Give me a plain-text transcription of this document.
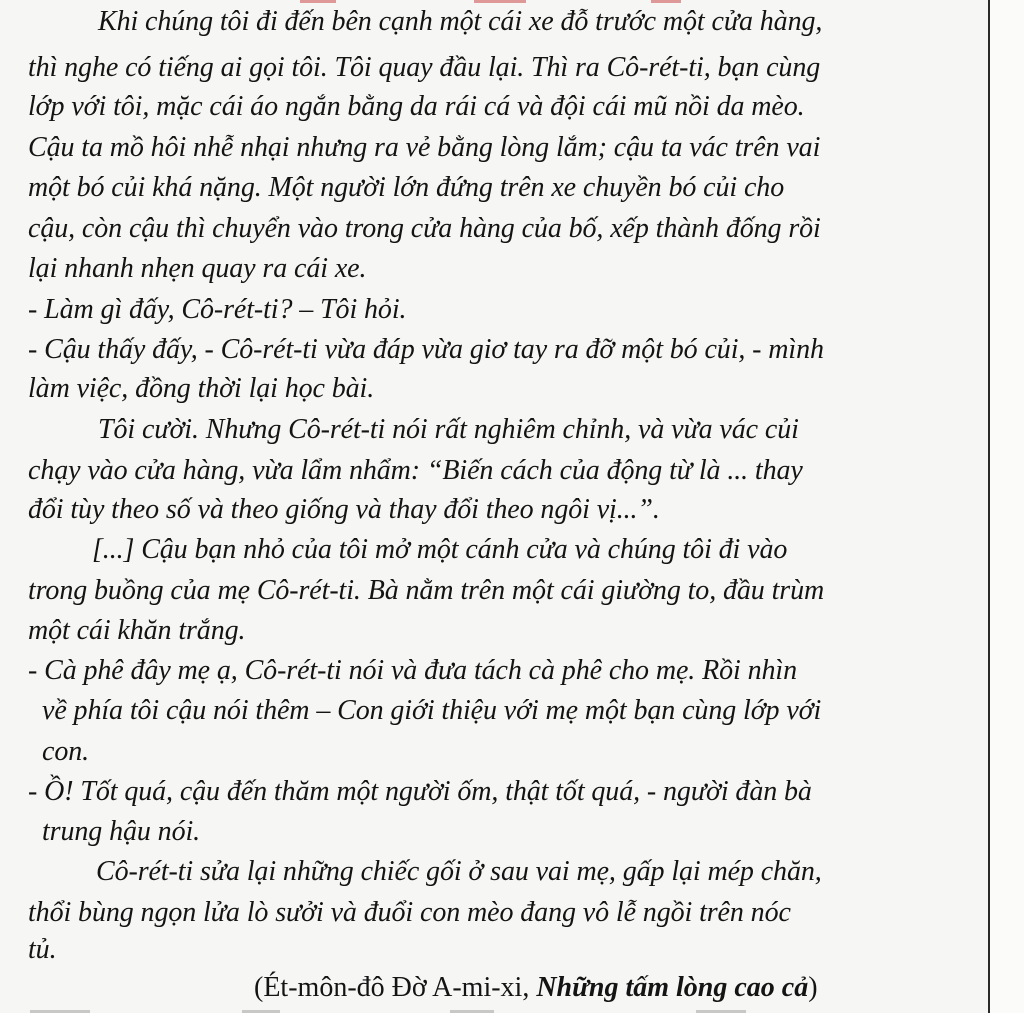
Khi chúng tôi đi đến bên cạnh một cái xe đỗ trước một cửa hàng,
thì nghe có tiếng ai gọi tôi. Tôi quay đầu lại. Thì ra Cô-rét-ti, bạn cùng
lớp với tôi, mặc cái áo ngắn bằng da rái cá và đội cái mũ nồi da mèo.
Cậu ta mồ hôi nhễ nhại nhưng ra vẻ bằng lòng lắm; cậu ta vác trên vai
một bó củi khá nặng. Một người lớn đứng trên xe chuyền bó củi cho
cậu, còn cậu thì chuyển vào trong cửa hàng của bố, xếp thành đống rồi
lại nhanh nhẹn quay ra cái xe.
- Làm gì đấy, Cô-rét-ti? – Tôi hỏi.
- Cậu thấy đấy, - Cô-rét-ti vừa đáp vừa giơ tay ra đỡ một bó củi, - mình
làm việc, đồng thời lại học bài.
Tôi cười. Nhưng Cô-rét-ti nói rất nghiêm chỉnh, và vừa vác củi
chạy vào cửa hàng, vừa lẩm nhẩm: “Biến cách của động từ là ... thay
đổi tùy theo số và theo giống và thay đổi theo ngôi vị...”.
[...] Cậu bạn nhỏ của tôi mở một cánh cửa và chúng tôi đi vào
trong buồng của mẹ Cô-rét-ti. Bà nằm trên một cái giường to, đầu trùm
một cái khăn trắng.
- Cà phê đây mẹ ạ, Cô-rét-ti nói và đưa tách cà phê cho mẹ. Rồi nhìn
về phía tôi cậu nói thêm – Con giới thiệu với mẹ một bạn cùng lớp với
con.
- Ồ! Tốt quá, cậu đến thăm một người ốm, thật tốt quá, - người đàn bà
trung hậu nói.
Cô-rét-ti sửa lại những chiếc gối ở sau vai mẹ, gấp lại mép chăn,
thổi bùng ngọn lửa lò sưởi và đuổi con mèo đang vô lễ ngồi trên nóc
tủ.
(Ét-môn-đô Đờ A-mi-xi, Những tấm lòng cao cả)
